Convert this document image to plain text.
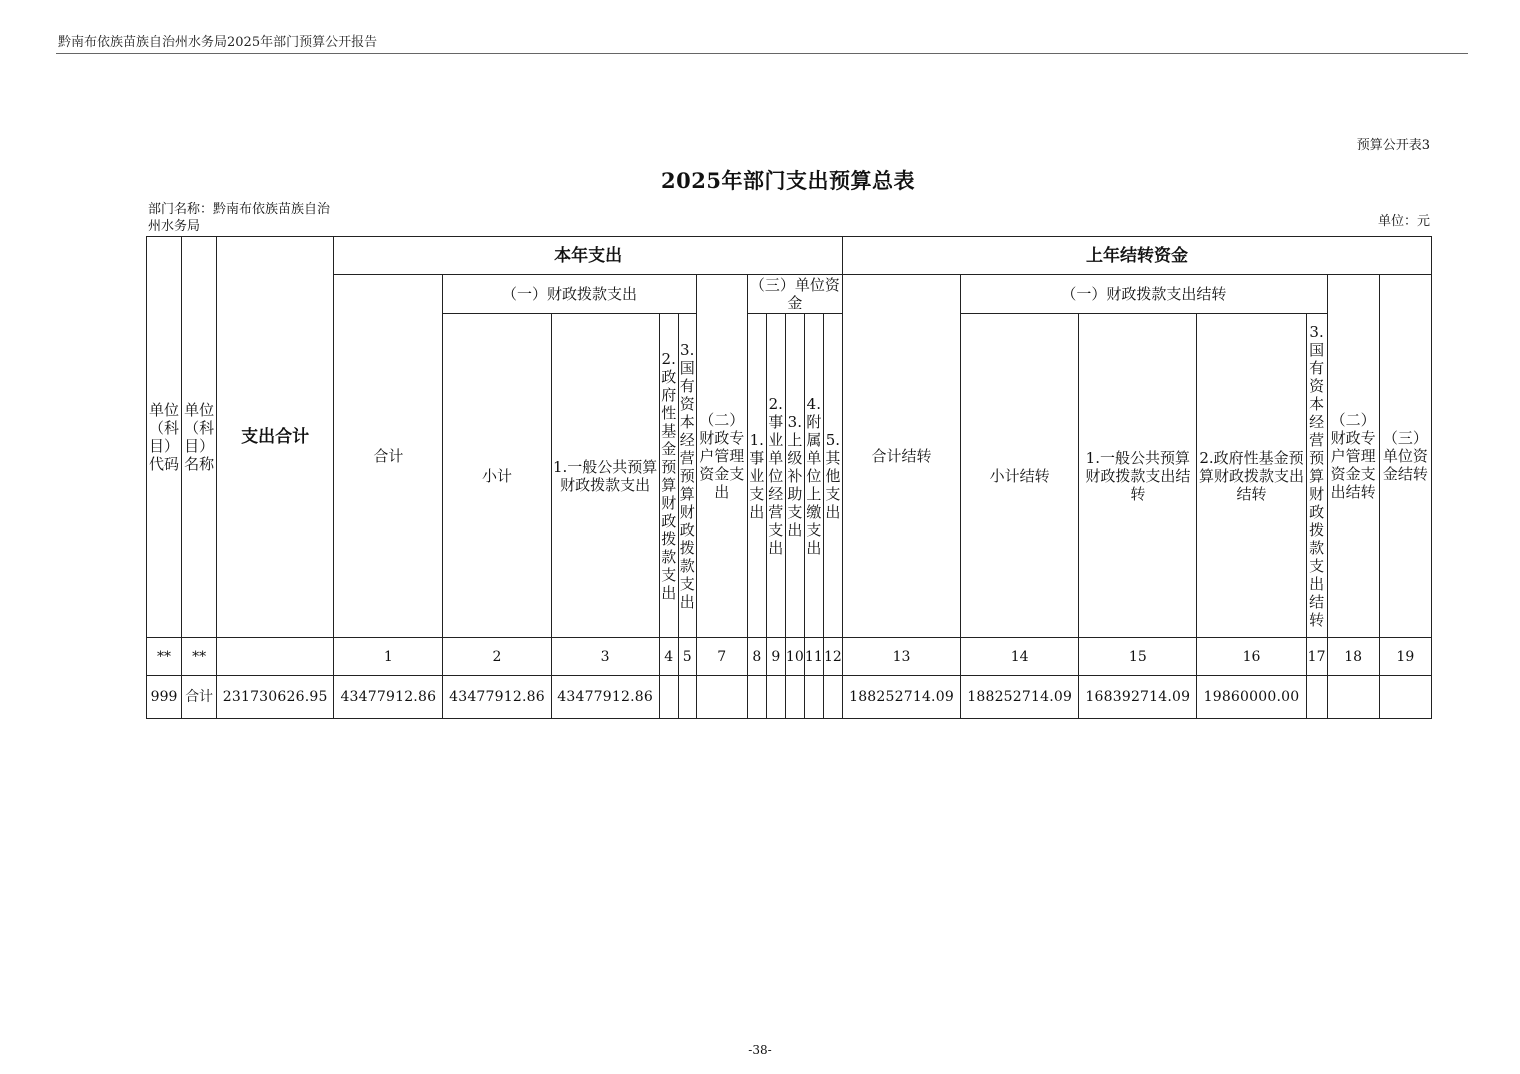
黔南布依族苗族自治州水务局2025年部门预算公开报告
预算公开表3
2025年部门支出预算总表
部门名称：黔南布依族苗族自治州水务局	单位：元
单位（科目）代码	单位（科目）名称	支出合计	本年支出											上年结转资金						
			合计	（一）财政拨款支出				（二）财政专户管理资金支出	（三）单位资金					合计结转	（一）财政拨款支出结转				（二）财政专户管理资金支出结转	（三）单位资金结转
				小计	1.一般公共预算财政拨款支出	2.政府性基金预算财政拨款支出	3.国有资本经营预算财政拨款支出		1.事业支出	2.事业单位经营支出	3.上级补助支出	4.附属单位上缴支出	5.其他支出		小计结转	1.一般公共预算财政拨款支出结转	2.政府性基金预算财政拨款支出结转	3.国有资本经营预算财政拨款支出结转		
**	**		1	2	3	4	5	7	8	9	10	11	12	13	14	15	16	17	18	19
999	合计	231730626.95	43477912.86	43477912.86	43477912.86									188252714.09	188252714.09	168392714.09	19860000.00			
-38-
